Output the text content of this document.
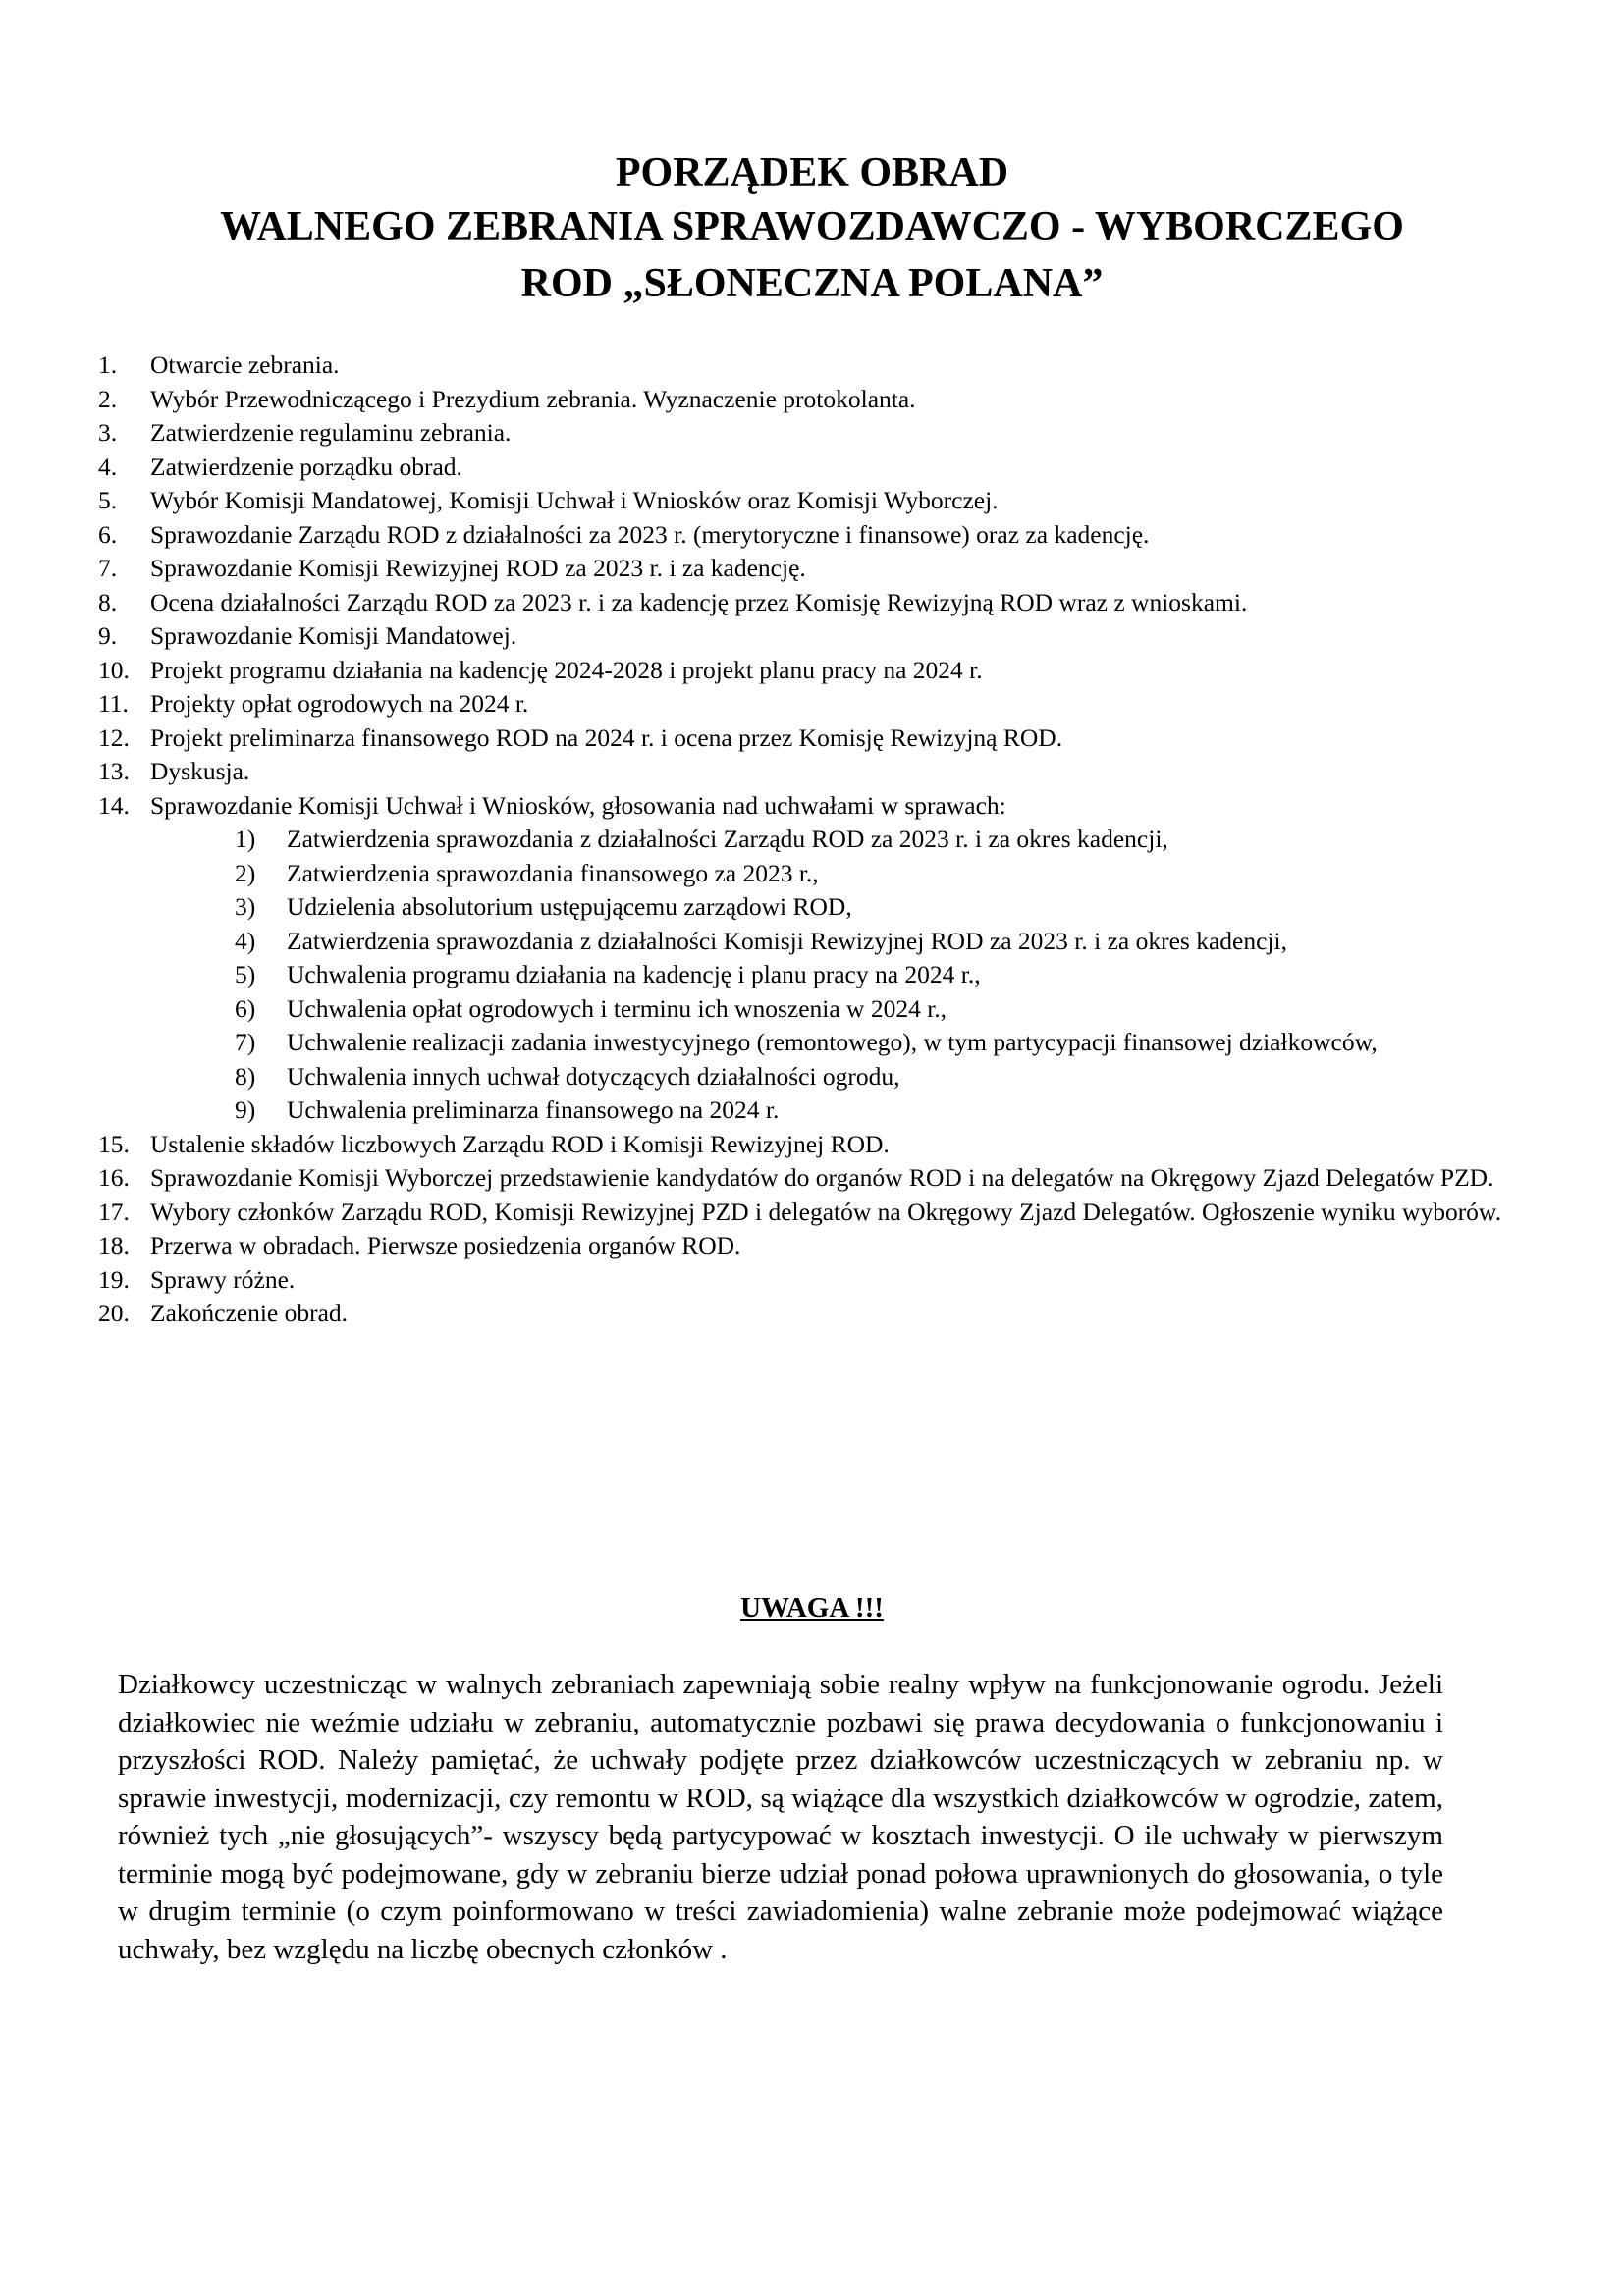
PORZĄDEK OBRAD
WALNEGO ZEBRANIA SPRAWOZDAWCZO - WYBORCZEGO
ROD „SŁONECZNA POLANA”
1. Otwarcie zebrania.
2. Wybór Przewodniczącego i Prezydium zebrania. Wyznaczenie protokolanta.
3. Zatwierdzenie regulaminu zebrania.
4. Zatwierdzenie porządku obrad.
5. Wybór Komisji Mandatowej, Komisji Uchwał i Wniosków oraz Komisji Wyborczej.
6. Sprawozdanie Zarządu ROD z działalności za 2023 r. (merytoryczne i finansowe) oraz za kadencję.
7. Sprawozdanie Komisji Rewizyjnej ROD za 2023 r. i za kadencję.
8. Ocena działalności Zarządu ROD za 2023 r. i za kadencję przez Komisję Rewizyjną ROD wraz z wnioskami.
9. Sprawozdanie Komisji Mandatowej.
10. Projekt programu działania na kadencję 2024-2028 i projekt planu pracy na 2024 r.
11. Projekty opłat ogrodowych na 2024 r.
12. Projekt preliminarza finansowego ROD na 2024 r. i ocena przez Komisję Rewizyjną ROD.
13. Dyskusja.
14. Sprawozdanie Komisji Uchwał i Wniosków, głosowania nad uchwałami w sprawach:
1) Zatwierdzenia sprawozdania z działalności Zarządu ROD za 2023 r. i za okres kadencji,
2) Zatwierdzenia sprawozdania finansowego za 2023 r.,
3) Udzielenia absolutorium ustępującemu zarządowi ROD,
4) Zatwierdzenia sprawozdania z działalności Komisji Rewizyjnej ROD za 2023 r. i za okres kadencji,
5) Uchwalenia programu działania na kadencję i planu pracy na 2024 r.,
6) Uchwalenia opłat ogrodowych i terminu ich wnoszenia w 2024 r.,
7) Uchwalenie realizacji zadania inwestycyjnego (remontowego), w tym partycypacji finansowej działkowców,
8) Uchwalenia innych uchwał dotyczących działalności ogrodu,
9) Uchwalenia preliminarza finansowego na 2024 r.
15. Ustalenie składów liczbowych Zarządu ROD i Komisji Rewizyjnej ROD.
16. Sprawozdanie Komisji Wyborczej przedstawienie kandydatów do organów ROD i na delegatów na Okręgowy Zjazd Delegatów PZD.
17. Wybory członków Zarządu ROD, Komisji Rewizyjnej PZD i delegatów na Okręgowy Zjazd Delegatów. Ogłoszenie wyniku wyborów.
18. Przerwa w obradach. Pierwsze posiedzenia organów ROD.
19. Sprawy różne.
20. Zakończenie obrad.
UWAGA !!!

Działkowcy uczestnicząc w walnych zebraniach zapewniają sobie realny wpływ na funkcjonowanie ogrodu. Jeżeli działkowiec nie weźmie udziału w zebraniu, automatycznie pozbawi się prawa decydowania o funkcjonowaniu i przyszłości ROD. Należy pamiętać, że uchwały podjęte przez działkowców uczestniczących w zebraniu np. w sprawie inwestycji, modernizacji, czy remontu w ROD, są wiążące dla wszystkich działkowców w ogrodzie, zatem, również tych „nie głosujących”- wszyscy będą partycypować w kosztach inwestycji. O ile uchwały w pierwszym terminie mogą być podejmowane, gdy w zebraniu bierze udział ponad połowa uprawnionych do głosowania, o tyle w drugim terminie (o czym poinformowano w treści zawiadomienia) walne zebranie może podejmować wiążące uchwały, bez względu na liczbę obecnych członków .
